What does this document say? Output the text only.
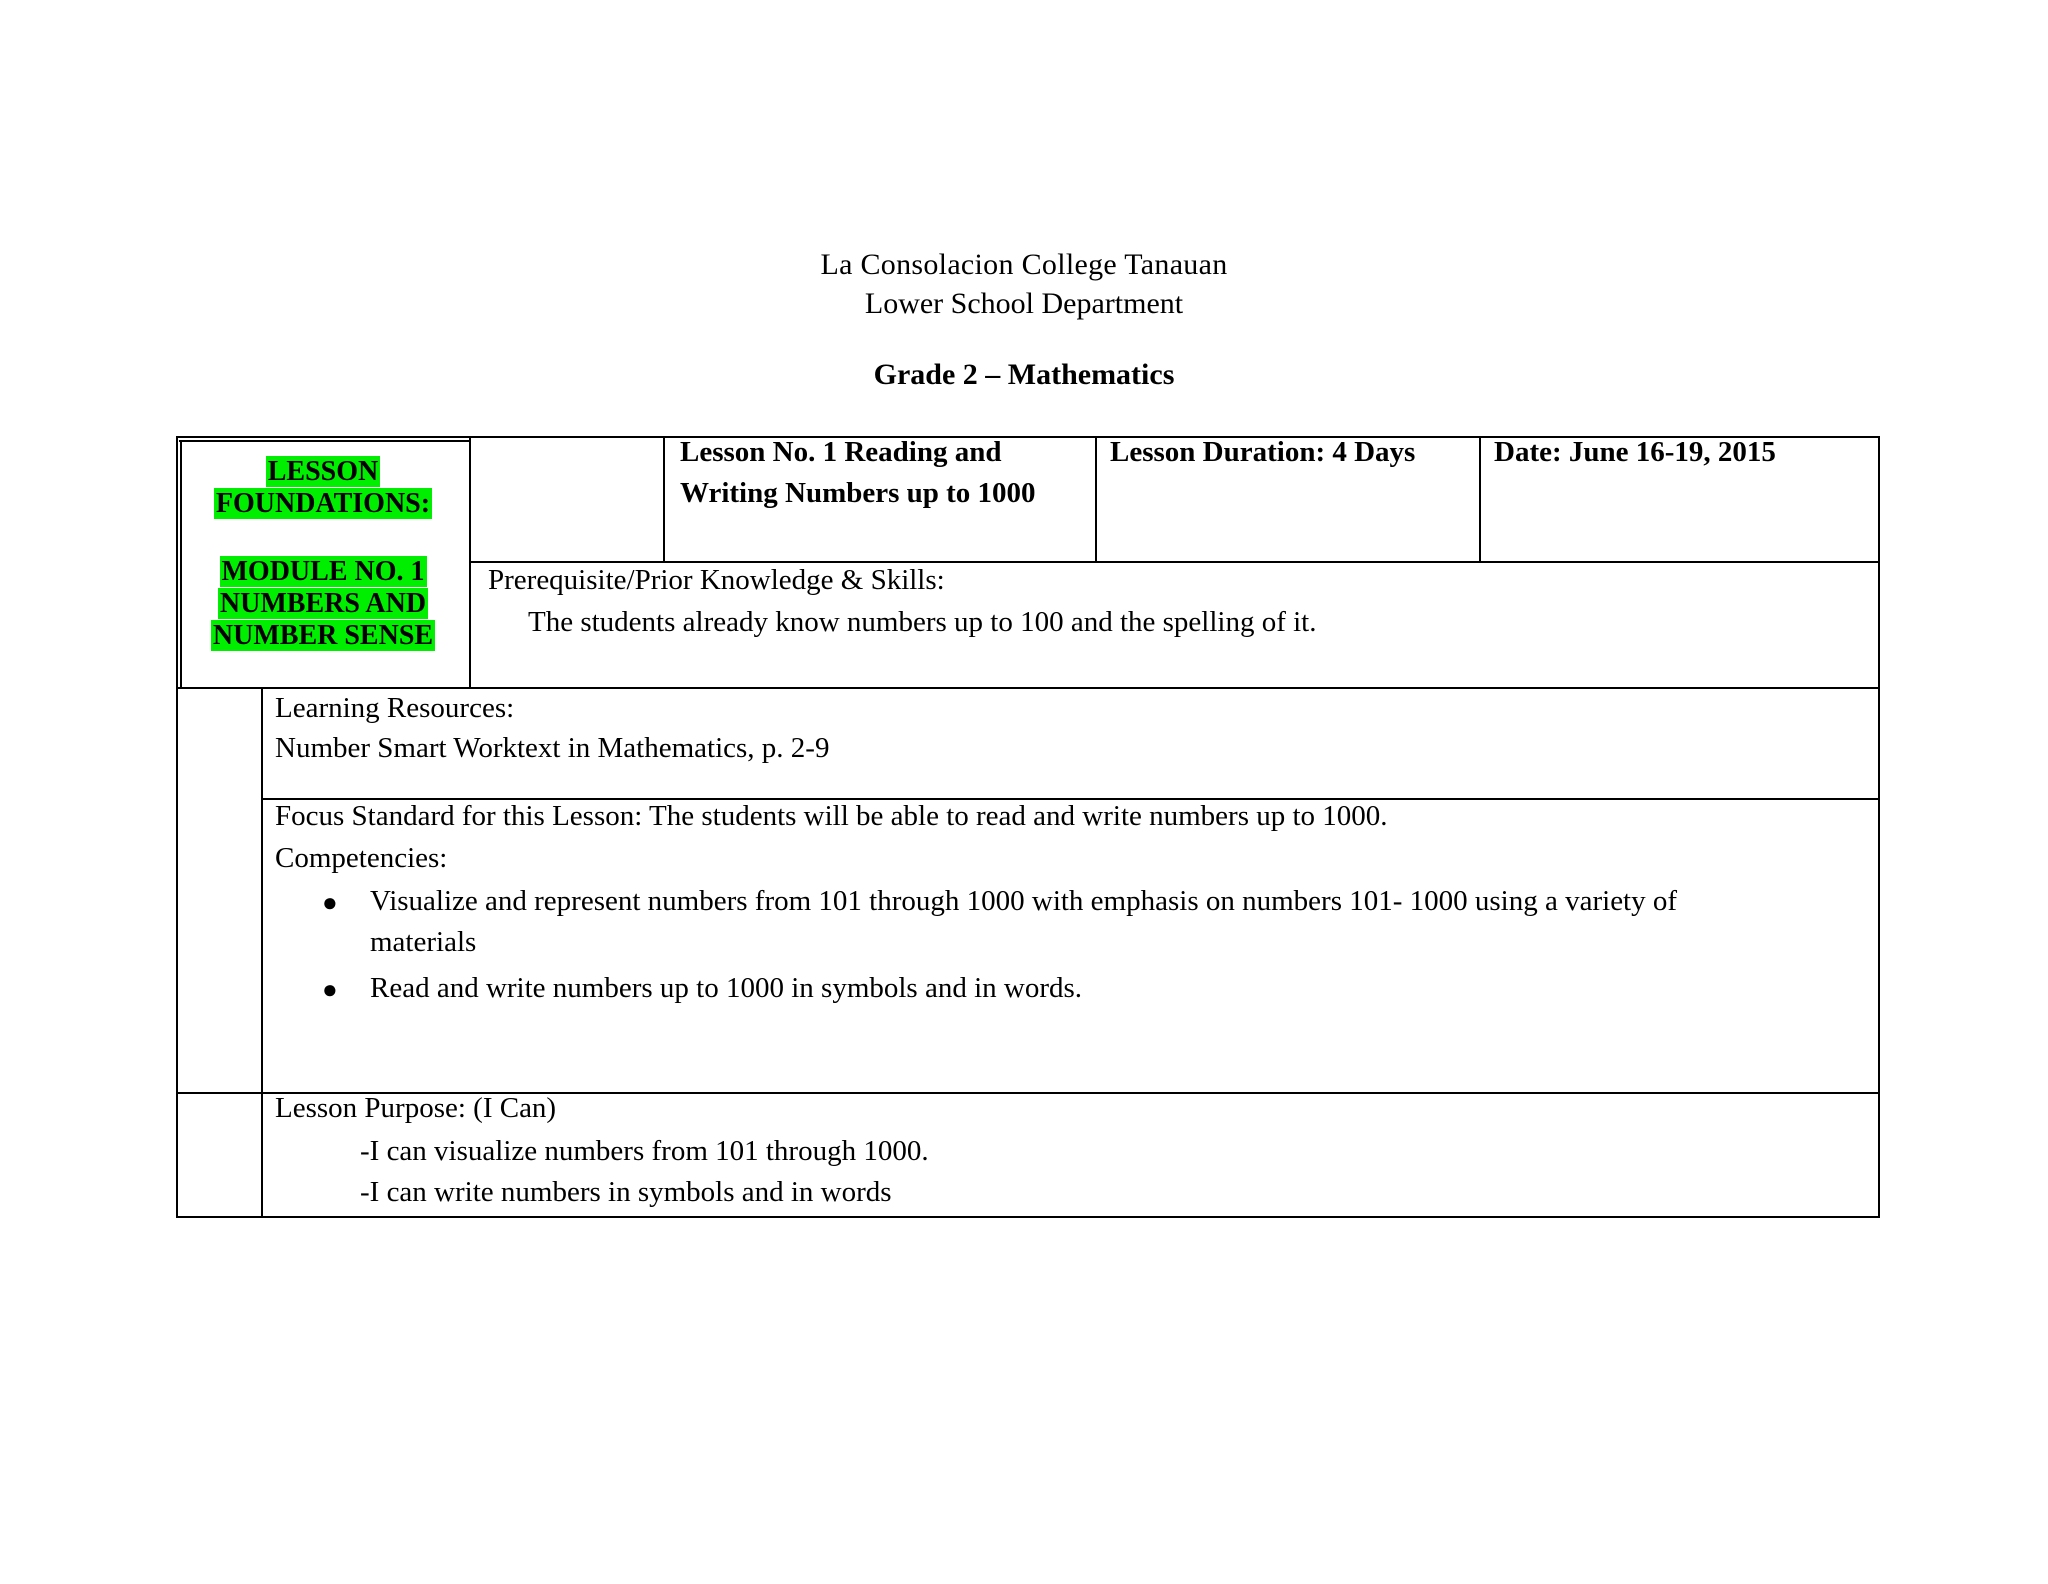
La Consolacion College Tanauan
Lower School Department
Grade 2 – Mathematics
LESSON
FOUNDATIONS:
MODULE NO. 1
NUMBERS AND
NUMBER SENSE
Lesson No. 1 Reading and
Writing Numbers up to 1000
Lesson Duration: 4 Days	Date: June 16-19, 2015
Prerequisite/Prior Knowledge & Skills:
The students already know numbers up to 100 and the spelling of it.
Learning Resources:
Number Smart Worktext in Mathematics, p. 2-9
Focus Standard for this Lesson: The students will be able to read and write numbers up to 1000.
Competencies:
● Visualize and represent numbers from 101 through 1000 with emphasis on numbers 101- 1000 using a variety of
materials
● Read and write numbers up to 1000 in symbols and in words.
Lesson Purpose: (I Can)
-I can visualize numbers from 101 through 1000.
-I can write numbers in symbols and in words
